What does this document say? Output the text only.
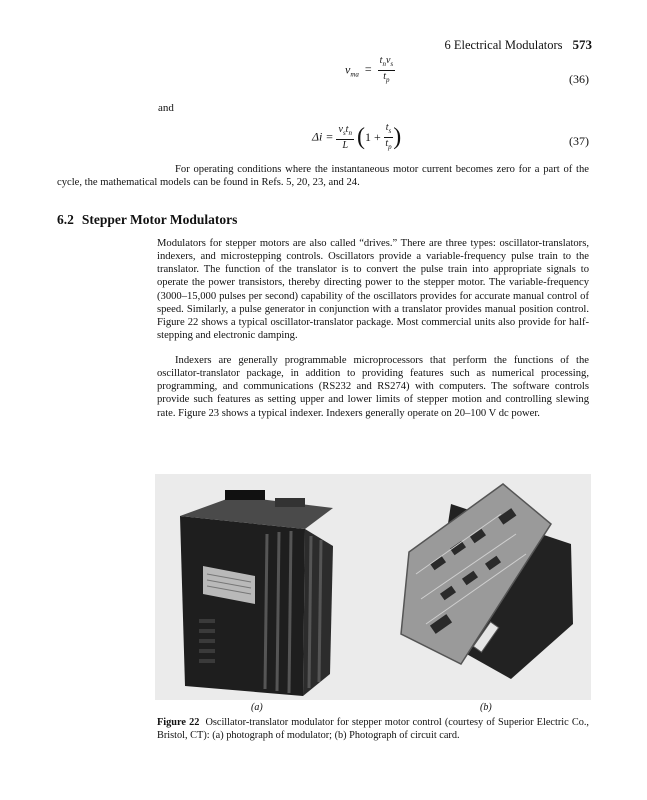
6 Electrical Modulators 573
$v_{ma} = \frac{t_nv_s}{t_p}$	(36)
and
$\Delta i = \frac{v_st_n}{L} (1 + \frac{t_s}{t_p}$ )	(37)
For operating conditions where the instantaneous motor current becomes zero for a part of the cycle, the mathematical models can be found in Refs. 5, 20, 23, and 24.
6.2 Stepper Motor Modulators
Modulators for stepper motors are also called “drives.” There are three types: oscillator-translators, indexers, and microstepping controls. Oscillators provide a variable-frequency pulse train to the translator. The function of the translator is to convert the pulse train into appropriate signals to operate the power transistors, thereby directing power to the stepper motor. The variable-frequency (3000–15,000 pulses per second) capability of the oscillators provides for accurate manual control of speed. Similarly, a pulse generator in conjunction with a translator provides manual position control. Figure 22 shows a typical oscillator-translator package. Most commercial units also provide for half-stepping and electronic damping.
Indexers are generally programmable microprocessors that perform the functions of the oscillator-translator package, in addition to providing features such as numerical processing, programming, and communications (RS232 and RS274) with computers. The software controls provide such features as setting upper and lower limits of stepper motion and controlling slewing rate. Figure 23 shows a typical indexer. Indexers generally operate on 20–100 V dc power.
(a)	(b)
Figure 22 Oscillator-translator modulator for stepper motor control (courtesy of Superior Electric Co., Bristol, CT): (a) photograph of modulator; (b) Photograph of circuit card.
